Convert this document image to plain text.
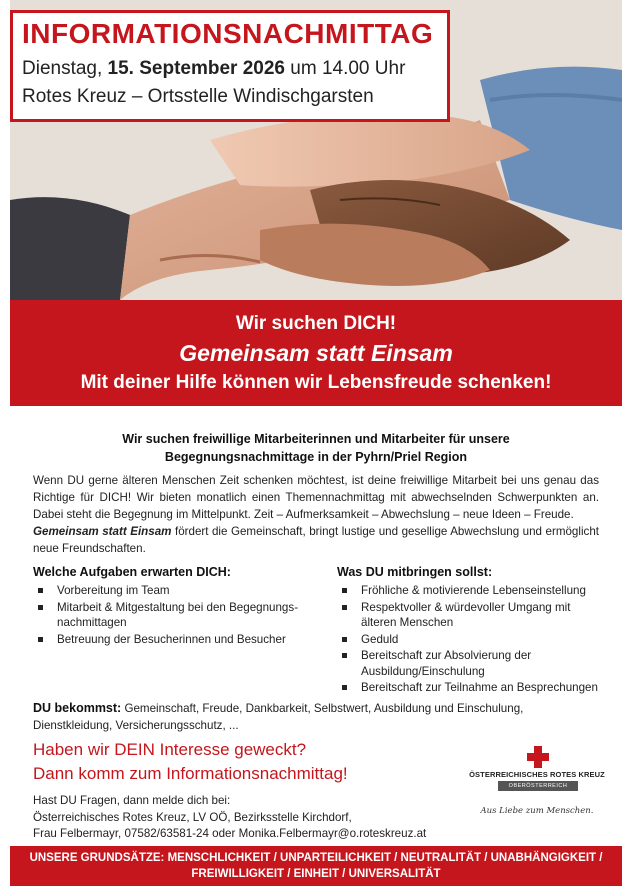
INFORMATIONSNACHMITTAG
Dienstag, 15. September 2026 um 14.00 Uhr
Rotes Kreuz – Ortsstelle Windischgarsten
Wir suchen DICH!
Gemeinsam statt Einsam
Mit deiner Hilfe können wir Lebensfreude schenken!
Wir suchen freiwillige Mitarbeiterinnen und Mitarbeiter für unsere
Begegnungsnachmittage in der Pyhrn/Priel Region
Wenn DU gerne älteren Menschen Zeit schenken möchtest, ist deine freiwillige Mitarbeit bei uns genau das Richtige für DICH! Wir bieten monatlich einen Themennachmittag mit abwechselnden Schwerpunkten an. Dabei steht die Begegnung im Mittelpunkt. Zeit – Aufmerksamkeit – Abwechslung – neue Ideen – Freude.
Gemeinsam statt Einsam fördert die Gemeinschaft, bringt lustige und gesellige Abwechslung und ermöglicht neue Freundschaften.
Welche Aufgaben erwarten DICH:
Vorbereitung im Team
Mitarbeit & Mitgestaltung bei den Begegnungsnachmittagen
Betreuung der Besucherinnen und Besucher
Was DU mitbringen sollst:
Fröhliche & motivierende Lebenseinstellung
Respektvoller & würdevoller Umgang mit älteren Menschen
Geduld
Bereitschaft zur Absolvierung der Ausbildung/Einschulung
Bereitschaft zur Teilnahme an Besprechungen
DU bekommst: Gemeinschaft, Freude, Dankbarkeit, Selbstwert, Ausbildung und Einschulung, Dienstkleidung, Versicherungsschutz, ...
Haben wir DEIN Interesse geweckt?
Dann komm zum Informationsnachmittag!
Hast DU Fragen, dann melde dich bei:
Österreichisches Rotes Kreuz, LV OÖ, Bezirksstelle Kirchdorf,
Frau Felbermayr, 07582/63581-24 oder Monika.Felbermayr@o.roteskreuz.at
ÖSTERREICHISCHES ROTES KREUZ
OBERÖSTERREICH
Aus Liebe zum Menschen.
UNSERE GRUNDSÄTZE: MENSCHLICHKEIT / UNPARTEILICHKEIT / NEUTRALITÄT / UNABHÄNGIGKEIT /
FREIWILLIGKEIT / EINHEIT / UNIVERSALITÄT
